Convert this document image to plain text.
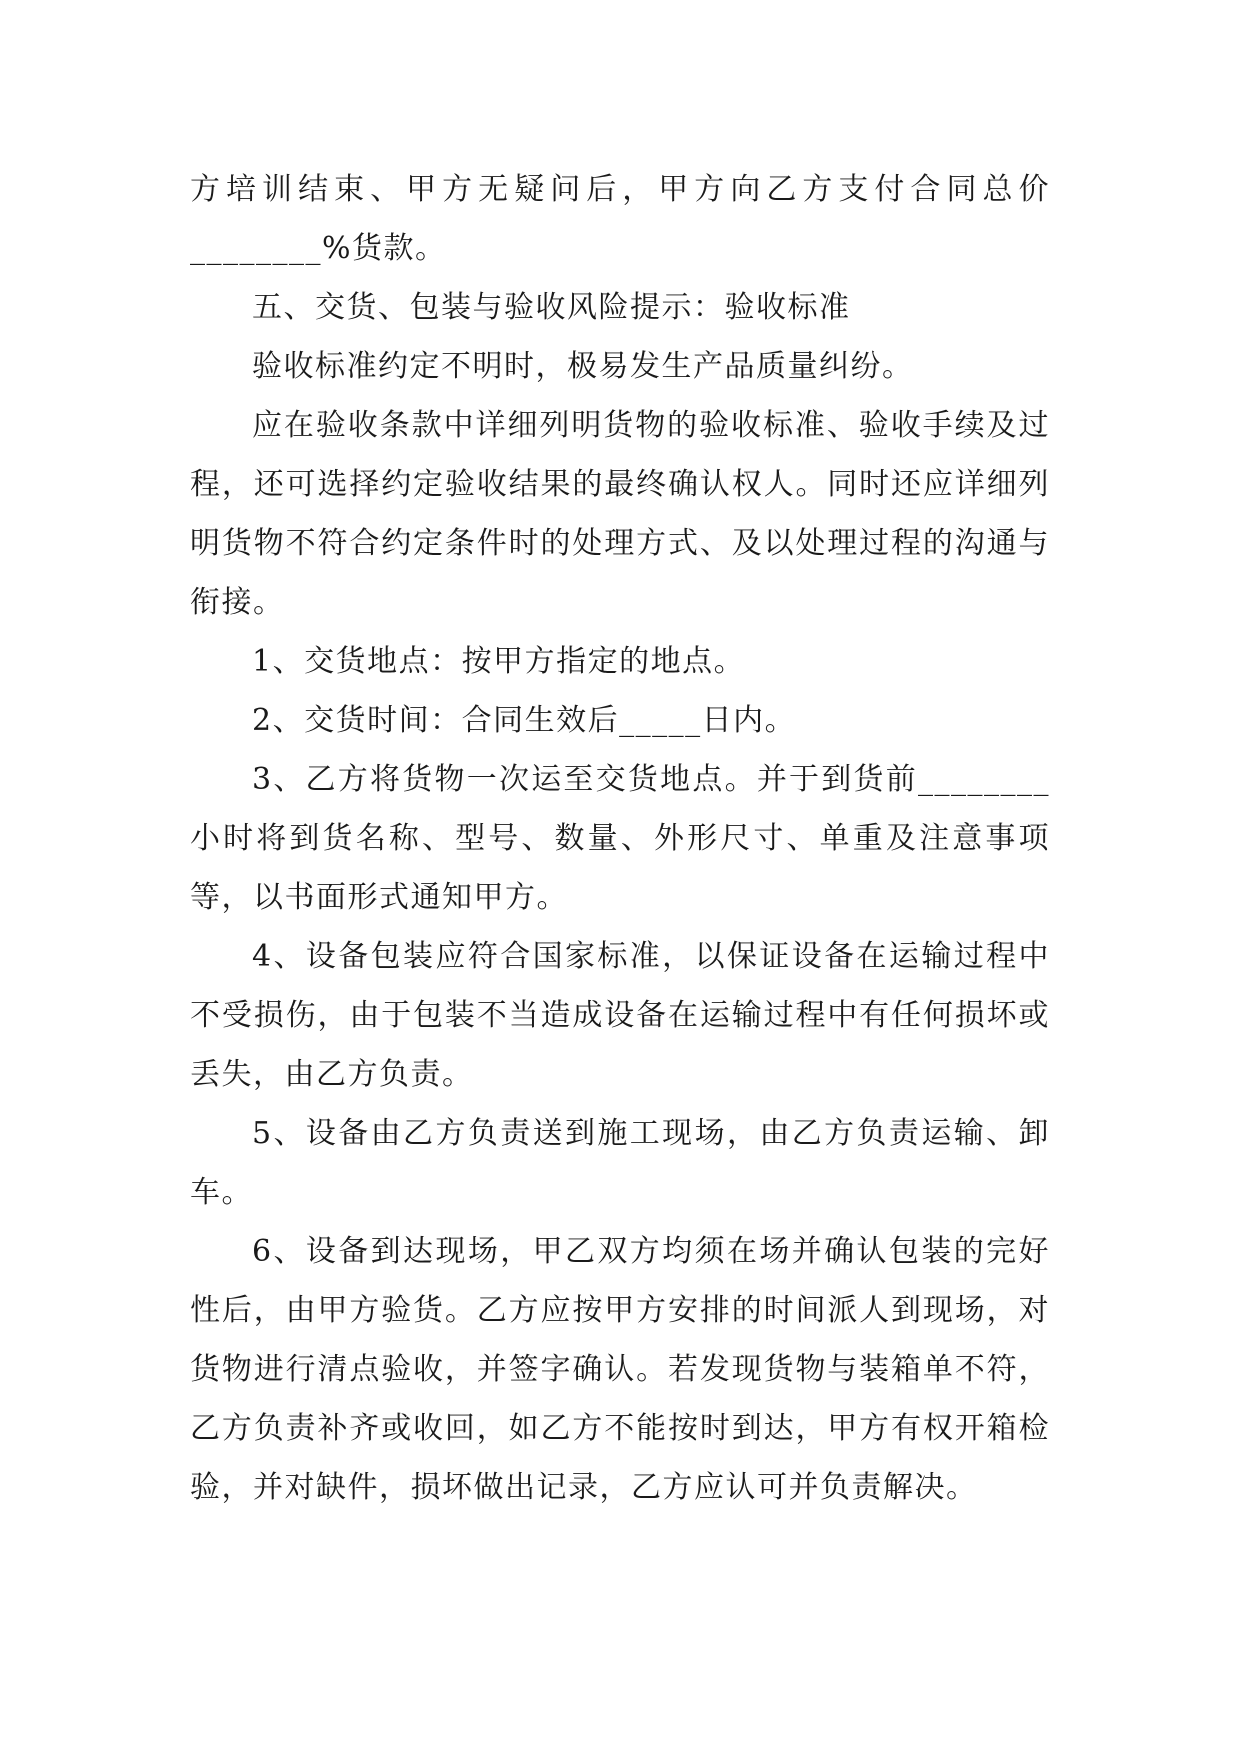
方培训结束、甲方无疑问后，甲方向乙方支付合同总价________%货款。

五、交货、包装与验收风险提示：验收标准

验收标准约定不明时，极易发生产品质量纠纷。

应在验收条款中详细列明货物的验收标准、验收手续及过程，还可选择约定验收结果的最终确认权人。同时还应详细列明货物不符合约定条件时的处理方式、及以处理过程的沟通与衔接。

1、交货地点：按甲方指定的地点。

2、交货时间：合同生效后_____日内。

3、乙方将货物一次运至交货地点。并于到货前________小时将到货名称、型号、数量、外形尺寸、单重及注意事项等，以书面形式通知甲方。

4、设备包装应符合国家标准，以保证设备在运输过程中不受损伤，由于包装不当造成设备在运输过程中有任何损坏或丢失，由乙方负责。

5、设备由乙方负责送到施工现场，由乙方负责运输、卸车。

6、设备到达现场，甲乙双方均须在场并确认包装的完好性后，由甲方验货。乙方应按甲方安排的时间派人到现场，对货物进行清点验收，并签字确认。若发现货物与装箱单不符，乙方负责补齐或收回，如乙方不能按时到达，甲方有权开箱检验，并对缺件，损坏做出记录，乙方应认可并负责解决。
